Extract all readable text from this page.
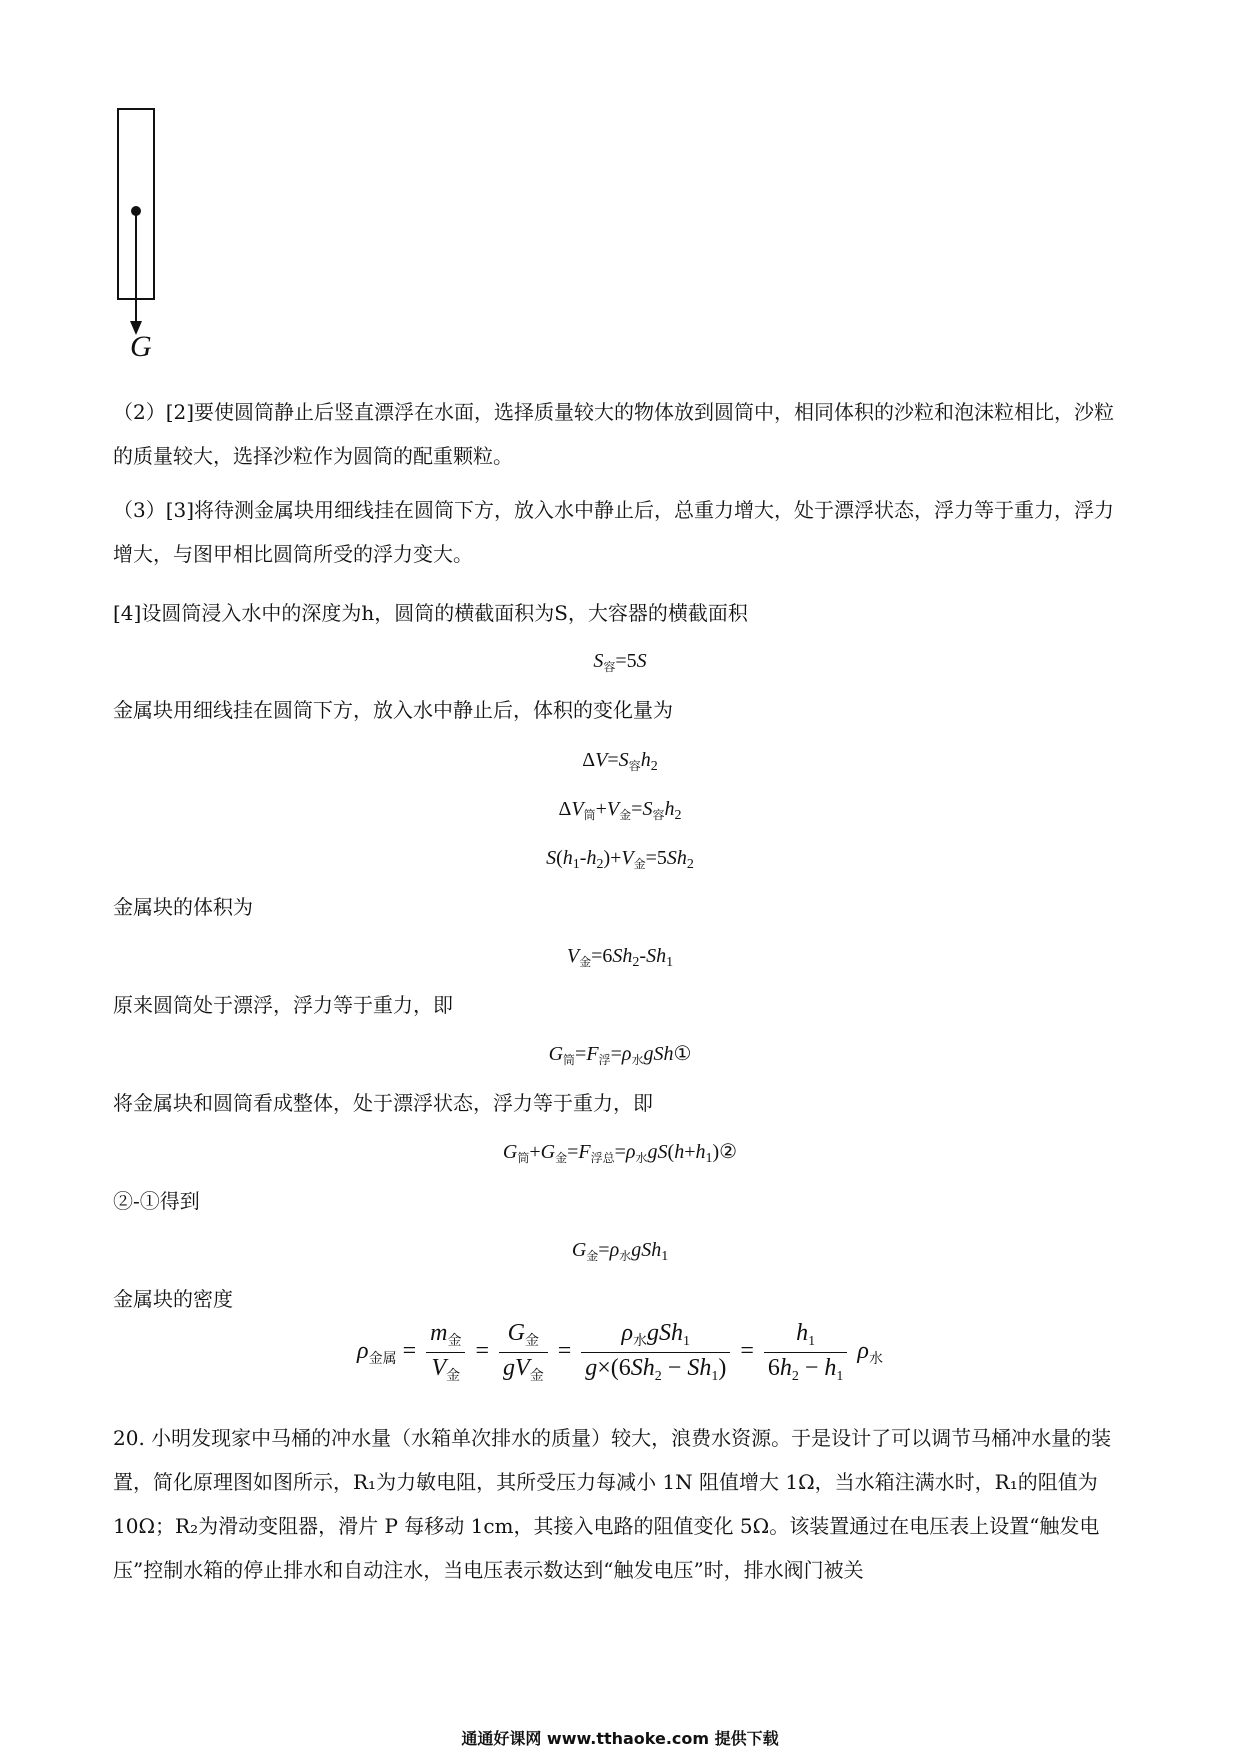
G
（2）[2]要使圆筒静止后竖直漂浮在水面，选择质量较大的物体放到圆筒中，相同体积的沙粒和泡沫粒相比，沙粒的质量较大，选择沙粒作为圆筒的配重颗粒。
（3）[3]将待测金属块用细线挂在圆筒下方，放入水中静止后，总重力增大，处于漂浮状态，浮力等于重力，浮力增大，与图甲相比圆筒所受的浮力变大。
[4]设圆筒浸入水中的深度为h，圆筒的横截面积为S，大容器的横截面积
$S_容=5S$
金属块用细线挂在圆筒下方，放入水中静止后，体积的变化量为
$\Delta V=S_容h_2$
$\Delta V_筒+V_金=S_容h_2$
$S(h_1-h_2)+V_金=5Sh_2$
金属块的体积为
$V_金=6Sh_2-Sh_1$
原来圆筒处于漂浮，浮力等于重力，即
$G_筒=F_浮=\rho_水gSh①$
将金属块和圆筒看成整体，处于漂浮状态，浮力等于重力，即
$G_筒+G_金=F_{浮总}=\rho_水gS(h+h_1)②$
②-①得到
$G_金=\rho_水gSh_1$
金属块的密度
$\rho_{金属} = \frac{m_金}{V_金} = \frac{G_金}{gV_金} = \frac{\rho_水gSh_1}{g\times(6Sh_2 - Sh_1)} = \frac{h_1}{6h_2 - h_1} \rho_水$
20. 小明发现家中马桶的冲水量（水箱单次排水的质量）较大，浪费水资源。于是设计了可以调节马桶冲水量的装置，简化原理图如图所示，R₁为力敏电阻，其所受压力每减小 1N 阻值增大 1Ω，当水箱注满水时，R₁的阻值为 10Ω；R₂为滑动变阻器，滑片 P 每移动 1cm，其接入电路的阻值变化 5Ω。该装置通过在电压表上设置“触发电压”控制水箱的停止排水和自动注水，当电压表示数达到“触发电压”时，排水阀门被关
通通好课网 www.tthaoke.com 提供下载
